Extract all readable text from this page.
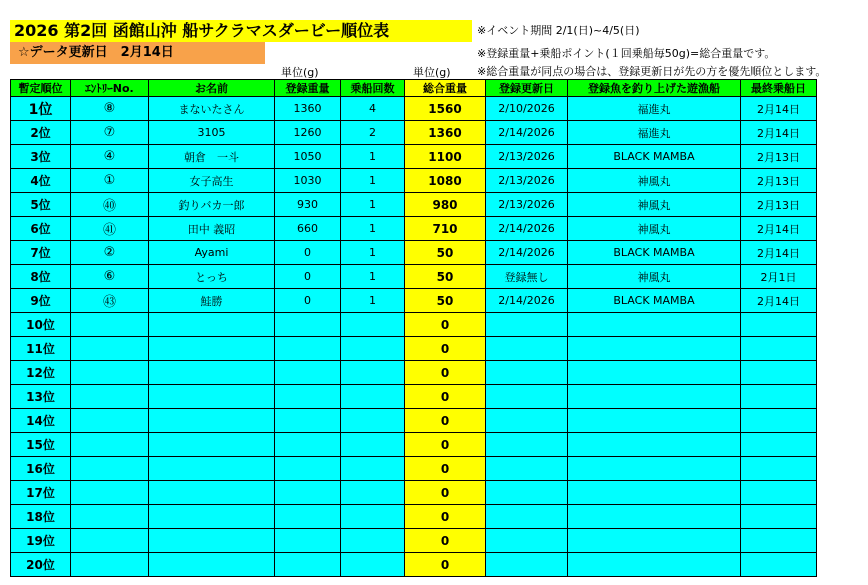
2026 第2回 函館山沖 船サクラマスダービー順位表
☆データ更新日　2月14日
※イベント期間 2/1(日)~4/5(日)
※登録重量+乗船ポイント(１回乗船毎50g)=総合重量です。
※総合重量が同点の場合は、登録更新日が先の方を優先順位とします。
単位(g)	単位(g)
暫定順位	ｴﾝﾄﾘｰNo.	お名前	登録重量	乗船回数	総合重量	登録更新日	登録魚を釣り上げた遊漁船	最終乗船日
1位	⑧	まないたさん	1360	4	1560	2/10/2026	福進丸	2月14日
2位	⑦	3105	1260	2	1360	2/14/2026	福進丸	2月14日
3位	④	朝倉　一斗	1050	1	1100	2/13/2026	BLACK MAMBA	2月13日
4位	①	女子高生	1030	1	1080	2/13/2026	神風丸	2月13日
5位	㊵	釣りバカ一郎	930	1	980	2/13/2026	神風丸	2月13日
6位	㊶	田中 義昭	660	1	710	2/14/2026	神風丸	2月14日
7位	②	Ayami	0	1	50	2/14/2026	BLACK MAMBA	2月14日
8位	⑥	とっち	0	1	50	登録無し	神風丸	2月1日
9位	㊸	鮭勝	0	1	50	2/14/2026	BLACK MAMBA	2月14日
10位					0			
11位					0			
12位					0			
13位					0			
14位					0			
15位					0			
16位					0			
17位					0			
18位					0			
19位					0			
20位					0			
